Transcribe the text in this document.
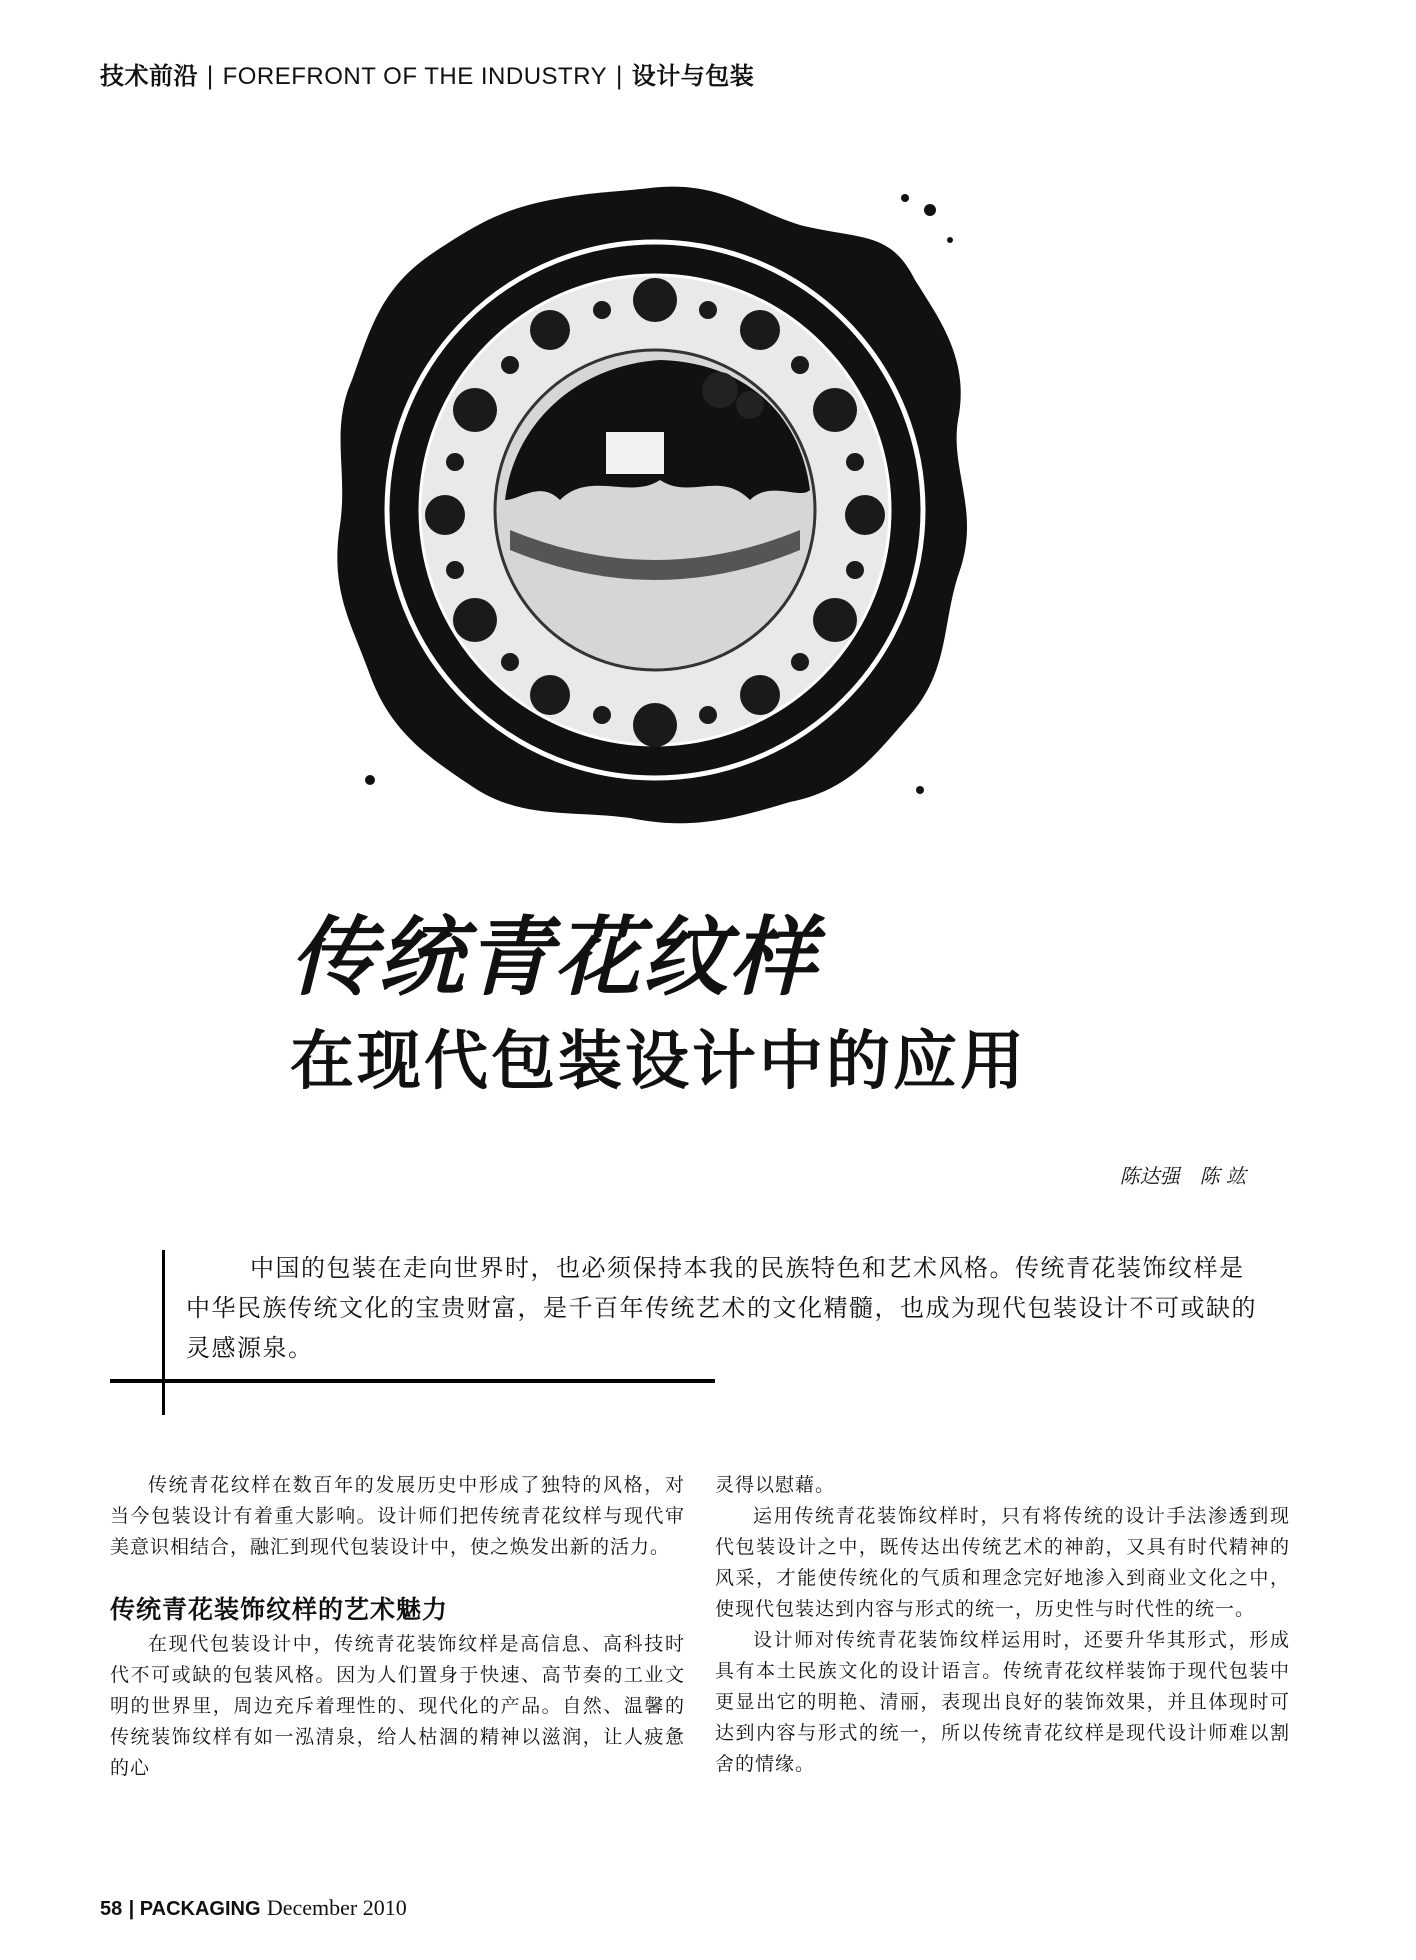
技术前沿 | FOREFRONT OF THE INDUSTRY | 设计与包装
传统青花纹样
在现代包装设计中的应用
陈达强　陈 竑
中国的包装在走向世界时，也必须保持本我的民族特色和艺术风格。传统青花装饰纹样是中华民族传统文化的宝贵财富，是千百年传统艺术的文化精髓，也成为现代包装设计不可或缺的灵感源泉。

传统青花纹样在数百年的发展历史中形成了独特的风格，对当今包装设计有着重大影响。设计师们把传统青花纹样与现代审美意识相结合，融汇到现代包装设计中，使之焕发出新的活力。

传统青花装饰纹样的艺术魅力

在现代包装设计中，传统青花装饰纹样是高信息、高科技时代不可或缺的包装风格。因为人们置身于快速、高节奏的工业文明的世界里，周边充斥着理性的、现代化的产品。自然、温馨的传统装饰纹样有如一泓清泉，给人枯涸的精神以滋润，让人疲惫的心

灵得以慰藉。

运用传统青花装饰纹样时，只有将传统的设计手法渗透到现代包装设计之中，既传达出传统艺术的神韵，又具有时代精神的风采，才能使传统化的气质和理念完好地渗入到商业文化之中，使现代包装达到内容与形式的统一，历史性与时代性的统一。

设计师对传统青花装饰纹样运用时，还要升华其形式，形成具有本土民族文化的设计语言。传统青花纹样装饰于现代包装中更显出它的明艳、清丽，表现出良好的装饰效果，并且体现时可达到内容与形式的统一，所以传统青花纹样是现代设计师难以割舍的情缘。

58 | PACKAGING December 2010
